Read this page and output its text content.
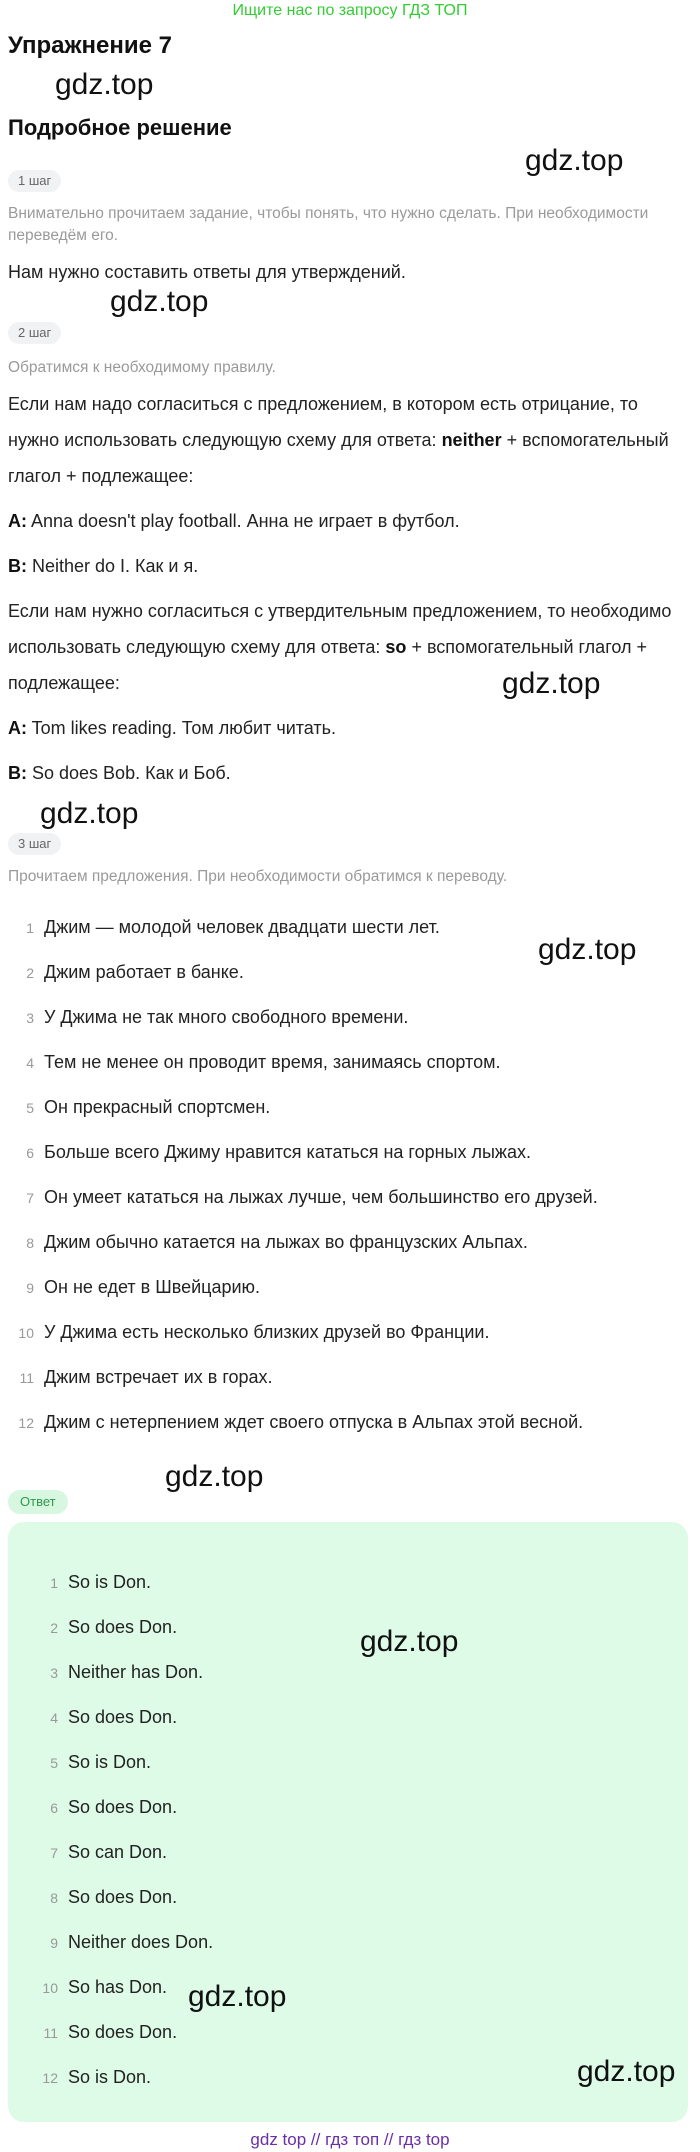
Ищите нас по запросу ГДЗ ТОП
Упражнение 7
gdz.top
Подробное решение
gdz.top
1 шаг
Внимательно прочитаем задание, чтобы понять, что нужно сделать. При необходимости переведём его.
Нам нужно составить ответы для утверждений.
gdz.top
2 шаг
Обратимся к необходимому правилу.
Если нам надо согласиться с предложением, в котором есть отрицание, то нужно использовать следующую схему для ответа: neither + вспомогательный глагол + подлежащее:
A: Anna doesn't play football. Анна не играет в футбол.
B: Neither do I. Как и я.
Если нам нужно согласиться с утвердительным предложением, то необходимо использовать следующую схему для ответа: so + вспомогательный глагол + подлежащее:	gdz.top
A: Tom likes reading. Том любит читать.
B: So does Bob. Как и Боб.
gdz.top
3 шаг
Прочитаем предложения. При необходимости обратимся к переводу.
1 Джим — молодой человек двадцати шести лет.
2 Джим работает в банке.
3 У Джима не так много свободного времени.
4 Тем не менее он проводит время, занимаясь спортом.
5 Он прекрасный спортсмен.
6 Больше всего Джиму нравится кататься на горных лыжах.
7 Он умеет кататься на лыжах лучше, чем большинство его друзей.
8 Джим обычно катается на лыжах во французских Альпах.
9 Он не едет в Швейцарию.
10 У Джима есть несколько близких друзей во Франции.
11 Джим встречает их в горах.
12 Джим с нетерпением ждет своего отпуска в Альпах этой весной.
gdz.top
gdz.top
Ответ
1 So is Don.
2 So does Don.
3 Neither has Don.
4 So does Don.
5 So is Don.
6 So does Don.
7 So can Don.
8 So does Don.
9 Neither does Don.
10 So has Don.
11 So does Don.
12 So is Don.
gdz.top
gdz.top
gdz.top
gdz top // гдз топ // гдз top
